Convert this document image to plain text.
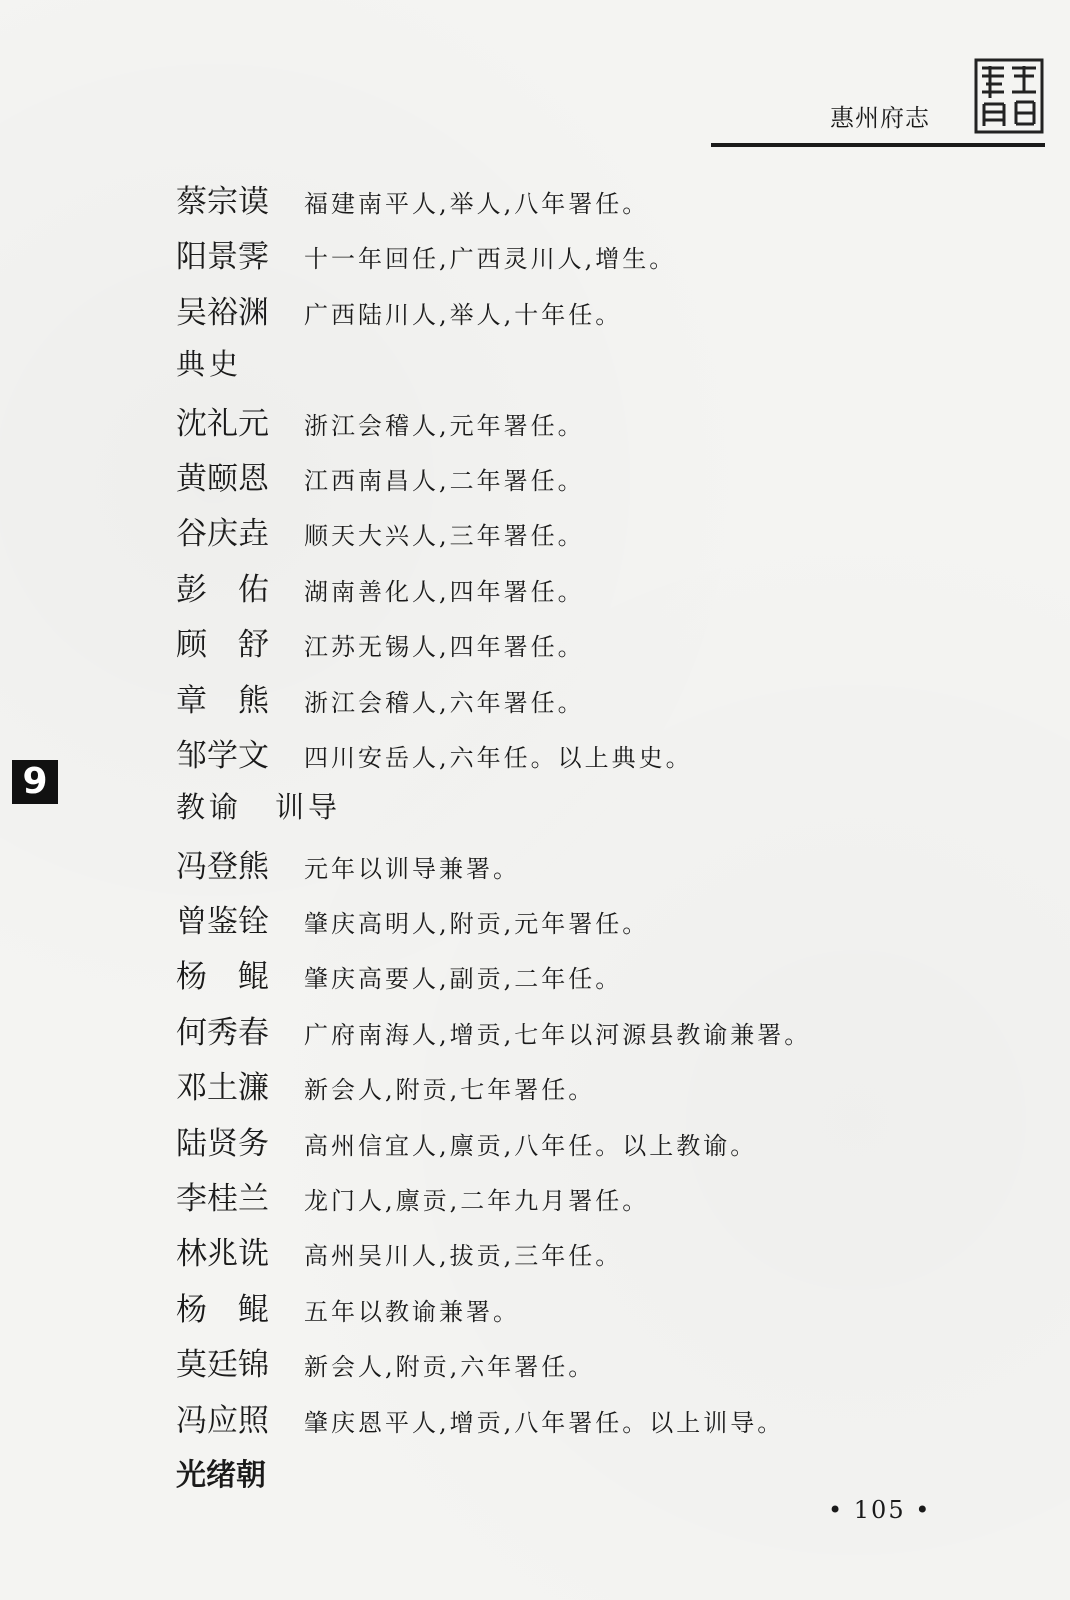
惠州府志
9
蔡宗谟	福建南平人,举人,八年署任。
阳景霁	十一年回任,广西灵川人,增生。
吴裕渊	广西陆川人,举人,十年任。
典史
沈礼元	浙江会稽人,元年署任。
黄颐恩	江西南昌人,二年署任。
谷庆垚	顺天大兴人,三年署任。
彭　佑	湖南善化人,四年署任。
顾　舒	江苏无锡人,四年署任。
章　熊	浙江会稽人,六年署任。
邹学文	四川安岳人,六年任。以上典史。
教谕　训导
冯登熊	元年以训导兼署。
曾鉴铨	肇庆高明人,附贡,元年署任。
杨　鲲	肇庆高要人,副贡,二年任。
何秀春	广府南海人,增贡,七年以河源县教谕兼署。
邓土濂	新会人,附贡,七年署任。
陆贤务	高州信宜人,廪贡,八年任。以上教谕。
李桂兰	龙门人,廪贡,二年九月署任。
林兆诜	高州吴川人,拔贡,三年任。
杨　鲲	五年以教谕兼署。
莫廷锦	新会人,附贡,六年署任。
冯应照	肇庆恩平人,增贡,八年署任。以上训导。
光绪朝
• 105 •
